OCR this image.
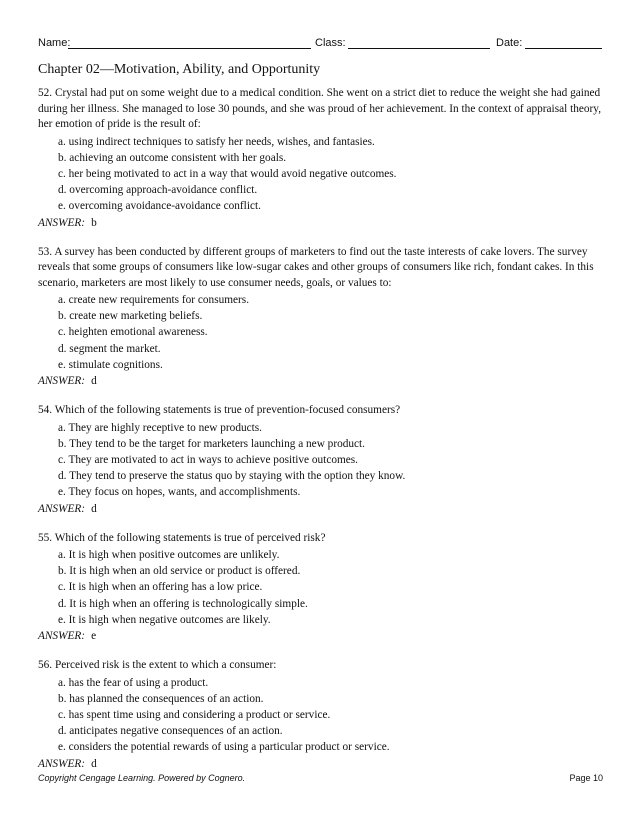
Name:	Class:	Date:
Chapter 02—Motivation, Ability, and Opportunity
52. Crystal had put on some weight due to a medical condition. She went on a strict diet to reduce the weight she had gained during her illness. She managed to lose 30 pounds, and she was proud of her achievement. In the context of appraisal theory, her emotion of pride is the result of:
a. using indirect techniques to satisfy her needs, wishes, and fantasies.
b. achieving an outcome consistent with her goals.
c. her being motivated to act in a way that would avoid negative outcomes.
d. overcoming approach-avoidance conflict.
e. overcoming avoidance-avoidance conflict.
ANSWER: b
53. A survey has been conducted by different groups of marketers to find out the taste interests of cake lovers. The survey reveals that some groups of consumers like low-sugar cakes and other groups of consumers like rich, fondant cakes. In this scenario, marketers are most likely to use consumer needs, goals, or values to:
a. create new requirements for consumers.
b. create new marketing beliefs.
c. heighten emotional awareness.
d. segment the market.
e. stimulate cognitions.
ANSWER: d
54. Which of the following statements is true of prevention-focused consumers?
a. They are highly receptive to new products.
b. They tend to be the target for marketers launching a new product.
c. They are motivated to act in ways to achieve positive outcomes.
d. They tend to preserve the status quo by staying with the option they know.
e. They focus on hopes, wants, and accomplishments.
ANSWER: d
55. Which of the following statements is true of perceived risk?
a. It is high when positive outcomes are unlikely.
b. It is high when an old service or product is offered.
c. It is high when an offering has a low price.
d. It is high when an offering is technologically simple.
e. It is high when negative outcomes are likely.
ANSWER: e
56. Perceived risk is the extent to which a consumer:
a. has the fear of using a product.
b. has planned the consequences of an action.
c. has spent time using and considering a product or service.
d. anticipates negative consequences of an action.
e. considers the potential rewards of using a particular product or service.
ANSWER: d
Copyright Cengage Learning. Powered by Cognero.	Page 10
